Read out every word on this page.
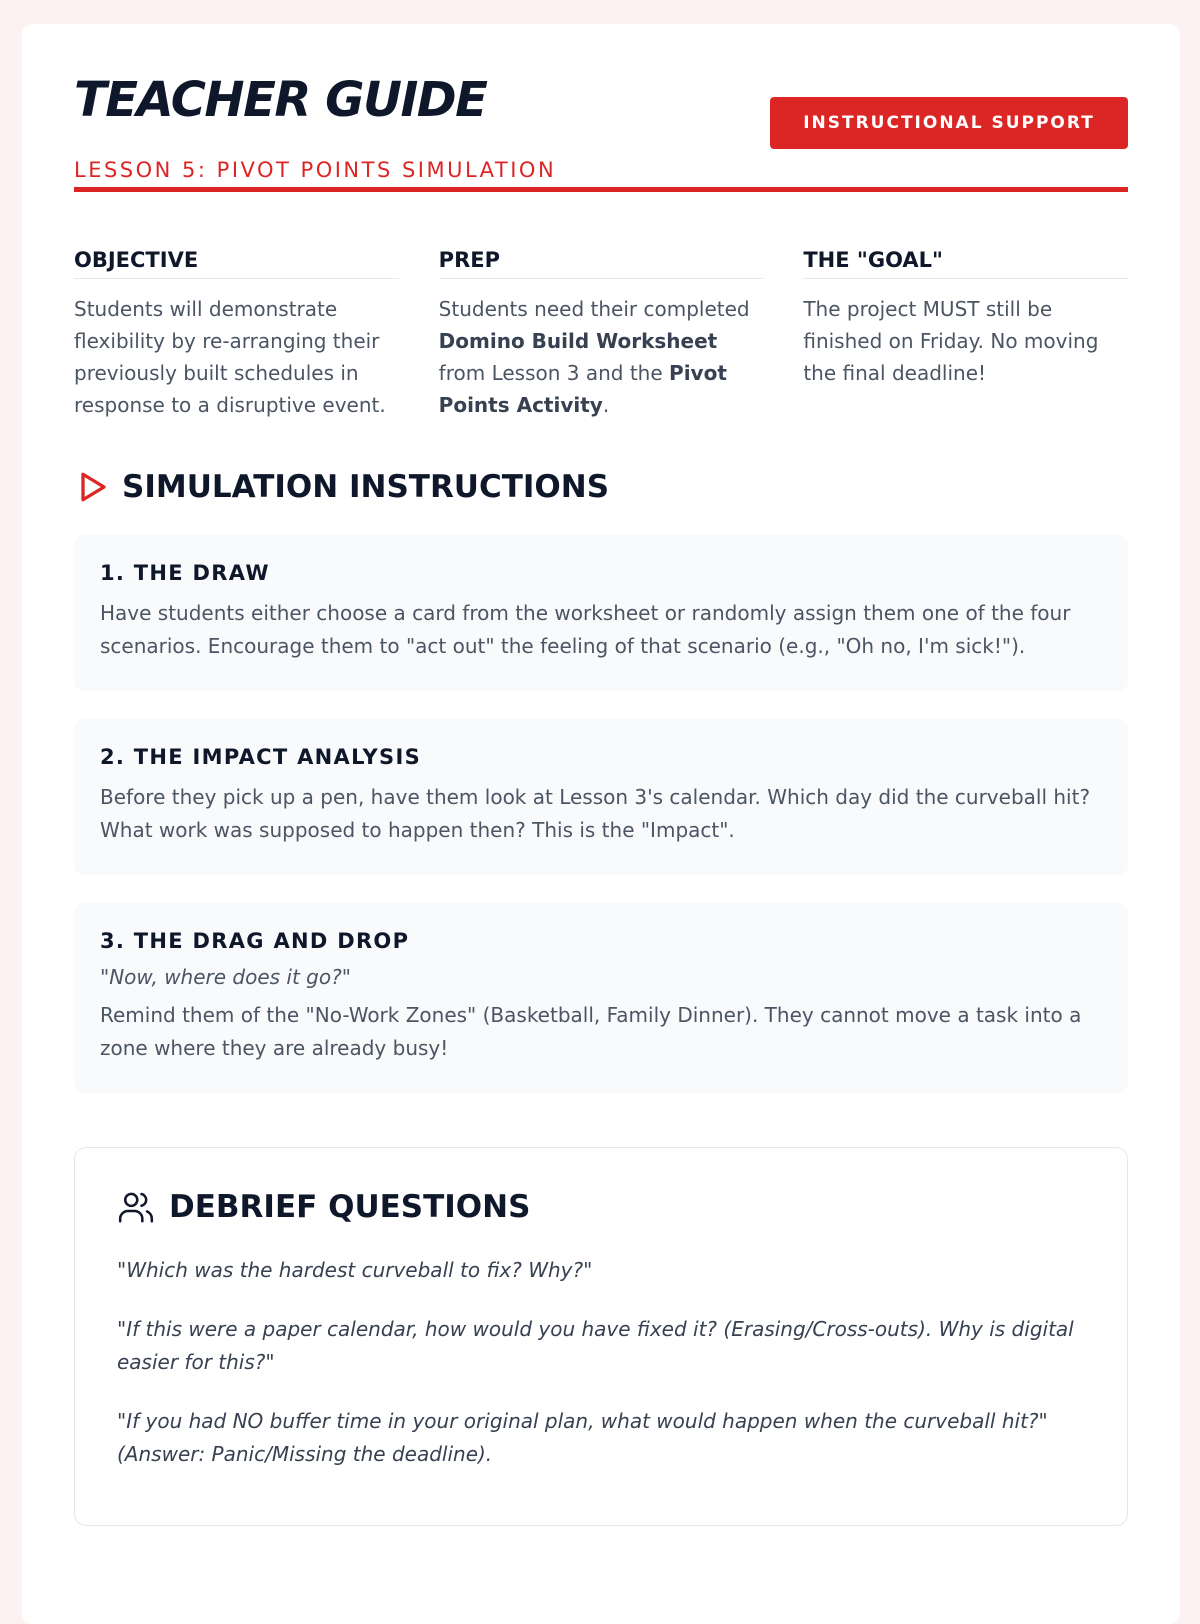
TEACHER GUIDE
LESSON 5: PIVOT POINTS SIMULATION
INSTRUCTIONAL SUPPORT
OBJECTIVE

Students will demonstrate flexibility by re-arranging their previously built schedules in response to a disruptive event.

PREP

Students need their completed Domino Build Worksheet from Lesson 3 and the Pivot Points Activity.

THE "GOAL"

The project MUST still be finished on Friday. No moving the final deadline!

SIMULATION INSTRUCTIONS
1. THE DRAW

Have students either choose a card from the worksheet or randomly assign them one of the four scenarios. Encourage them to "act out" the feeling of that scenario (e.g., "Oh no, I'm sick!").

2. THE IMPACT ANALYSIS

Before they pick up a pen, have them look at Lesson 3's calendar. Which day did the curveball hit? What work was supposed to happen then? This is the "Impact".

3. THE DRAG AND DROP
"Now, where does it go?"

Remind them of the "No-Work Zones" (Basketball, Family Dinner). They cannot move a task into a zone where they are already busy!

DEBRIEF QUESTIONS

"Which was the hardest curveball to fix? Why?"

"If this were a paper calendar, how would you have fixed it? (Erasing/Cross-outs). Why is digital easier for this?"

"If you had NO buffer time in your original plan, what would happen when the curveball hit?" (Answer: Panic/Missing the deadline).
